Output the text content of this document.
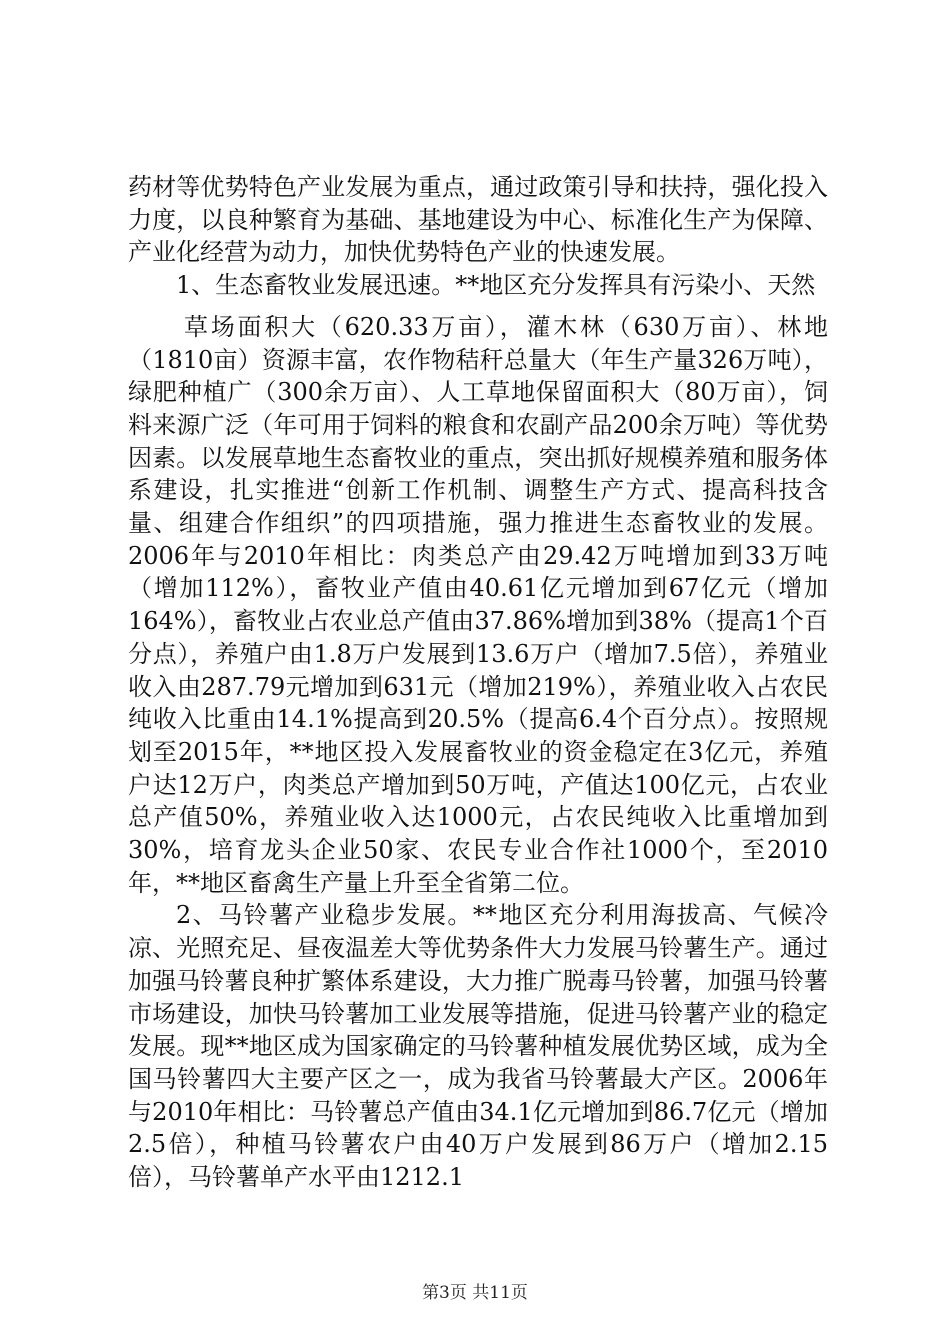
药材等优势特色产业发展为重点，通过政策引导和扶持，强化投入力度，以良种繁育为基础、基地建设为中心、标准化生产为保障、产业化经营为动力，加快优势特色产业的快速发展。

1、生态畜牧业发展迅速。**地区充分发挥具有污染小、天然

草场面积大（620.33万亩），灌木林（630万亩）、林地（1810亩）资源丰富，农作物秸秆总量大（年生产量326万吨），绿肥种植广（300余万亩）、人工草地保留面积大（80万亩），饲料来源广泛（年可用于饲料的粮食和农副产品200余万吨）等优势因素。以发展草地生态畜牧业的重点，突出抓好规模养殖和服务体系建设，扎实推进“创新工作机制、调整生产方式、提高科技含量、组建合作组织”的四项措施，强力推进生态畜牧业的发展。2006年与2010年相比：肉类总产由29.42万吨增加到33万吨（增加112%），畜牧业产值由40.61亿元增加到67亿元（增加164%），畜牧业占农业总产值由37.86%增加到38%（提高1个百分点），养殖户由1.8万户发展到13.6万户（增加7.5倍），养殖业收入由287.79元增加到631元（增加219%），养殖业收入占农民纯收入比重由14.1%提高到20.5%（提高6.4个百分点）。按照规划至2015年，**地区投入发展畜牧业的资金稳定在3亿元，养殖户达12万户，肉类总产增加到50万吨，产值达100亿元，占农业总产值50%，养殖业收入达1000元，占农民纯收入比重增加到30%，培育龙头企业50家、农民专业合作社1000个，至2010年，**地区畜禽生产量上升至全省第二位。

2、马铃薯产业稳步发展。**地区充分利用海拔高、气候冷凉、光照充足、昼夜温差大等优势条件大力发展马铃薯生产。通过加强马铃薯良种扩繁体系建设，大力推广脱毒马铃薯，加强马铃薯市场建设，加快马铃薯加工业发展等措施，促进马铃薯产业的稳定发展。现**地区成为国家确定的马铃薯种植发展优势区域，成为全国马铃薯四大主要产区之一，成为我省马铃薯最大产区。2006年与2010年相比：马铃薯总产值由34.1亿元增加到86.7亿元（增加2.5倍），种植马铃薯农户由40万户发展到86万户（增加2.15倍），马铃薯单产水平由1212.1

第3页 共11页
